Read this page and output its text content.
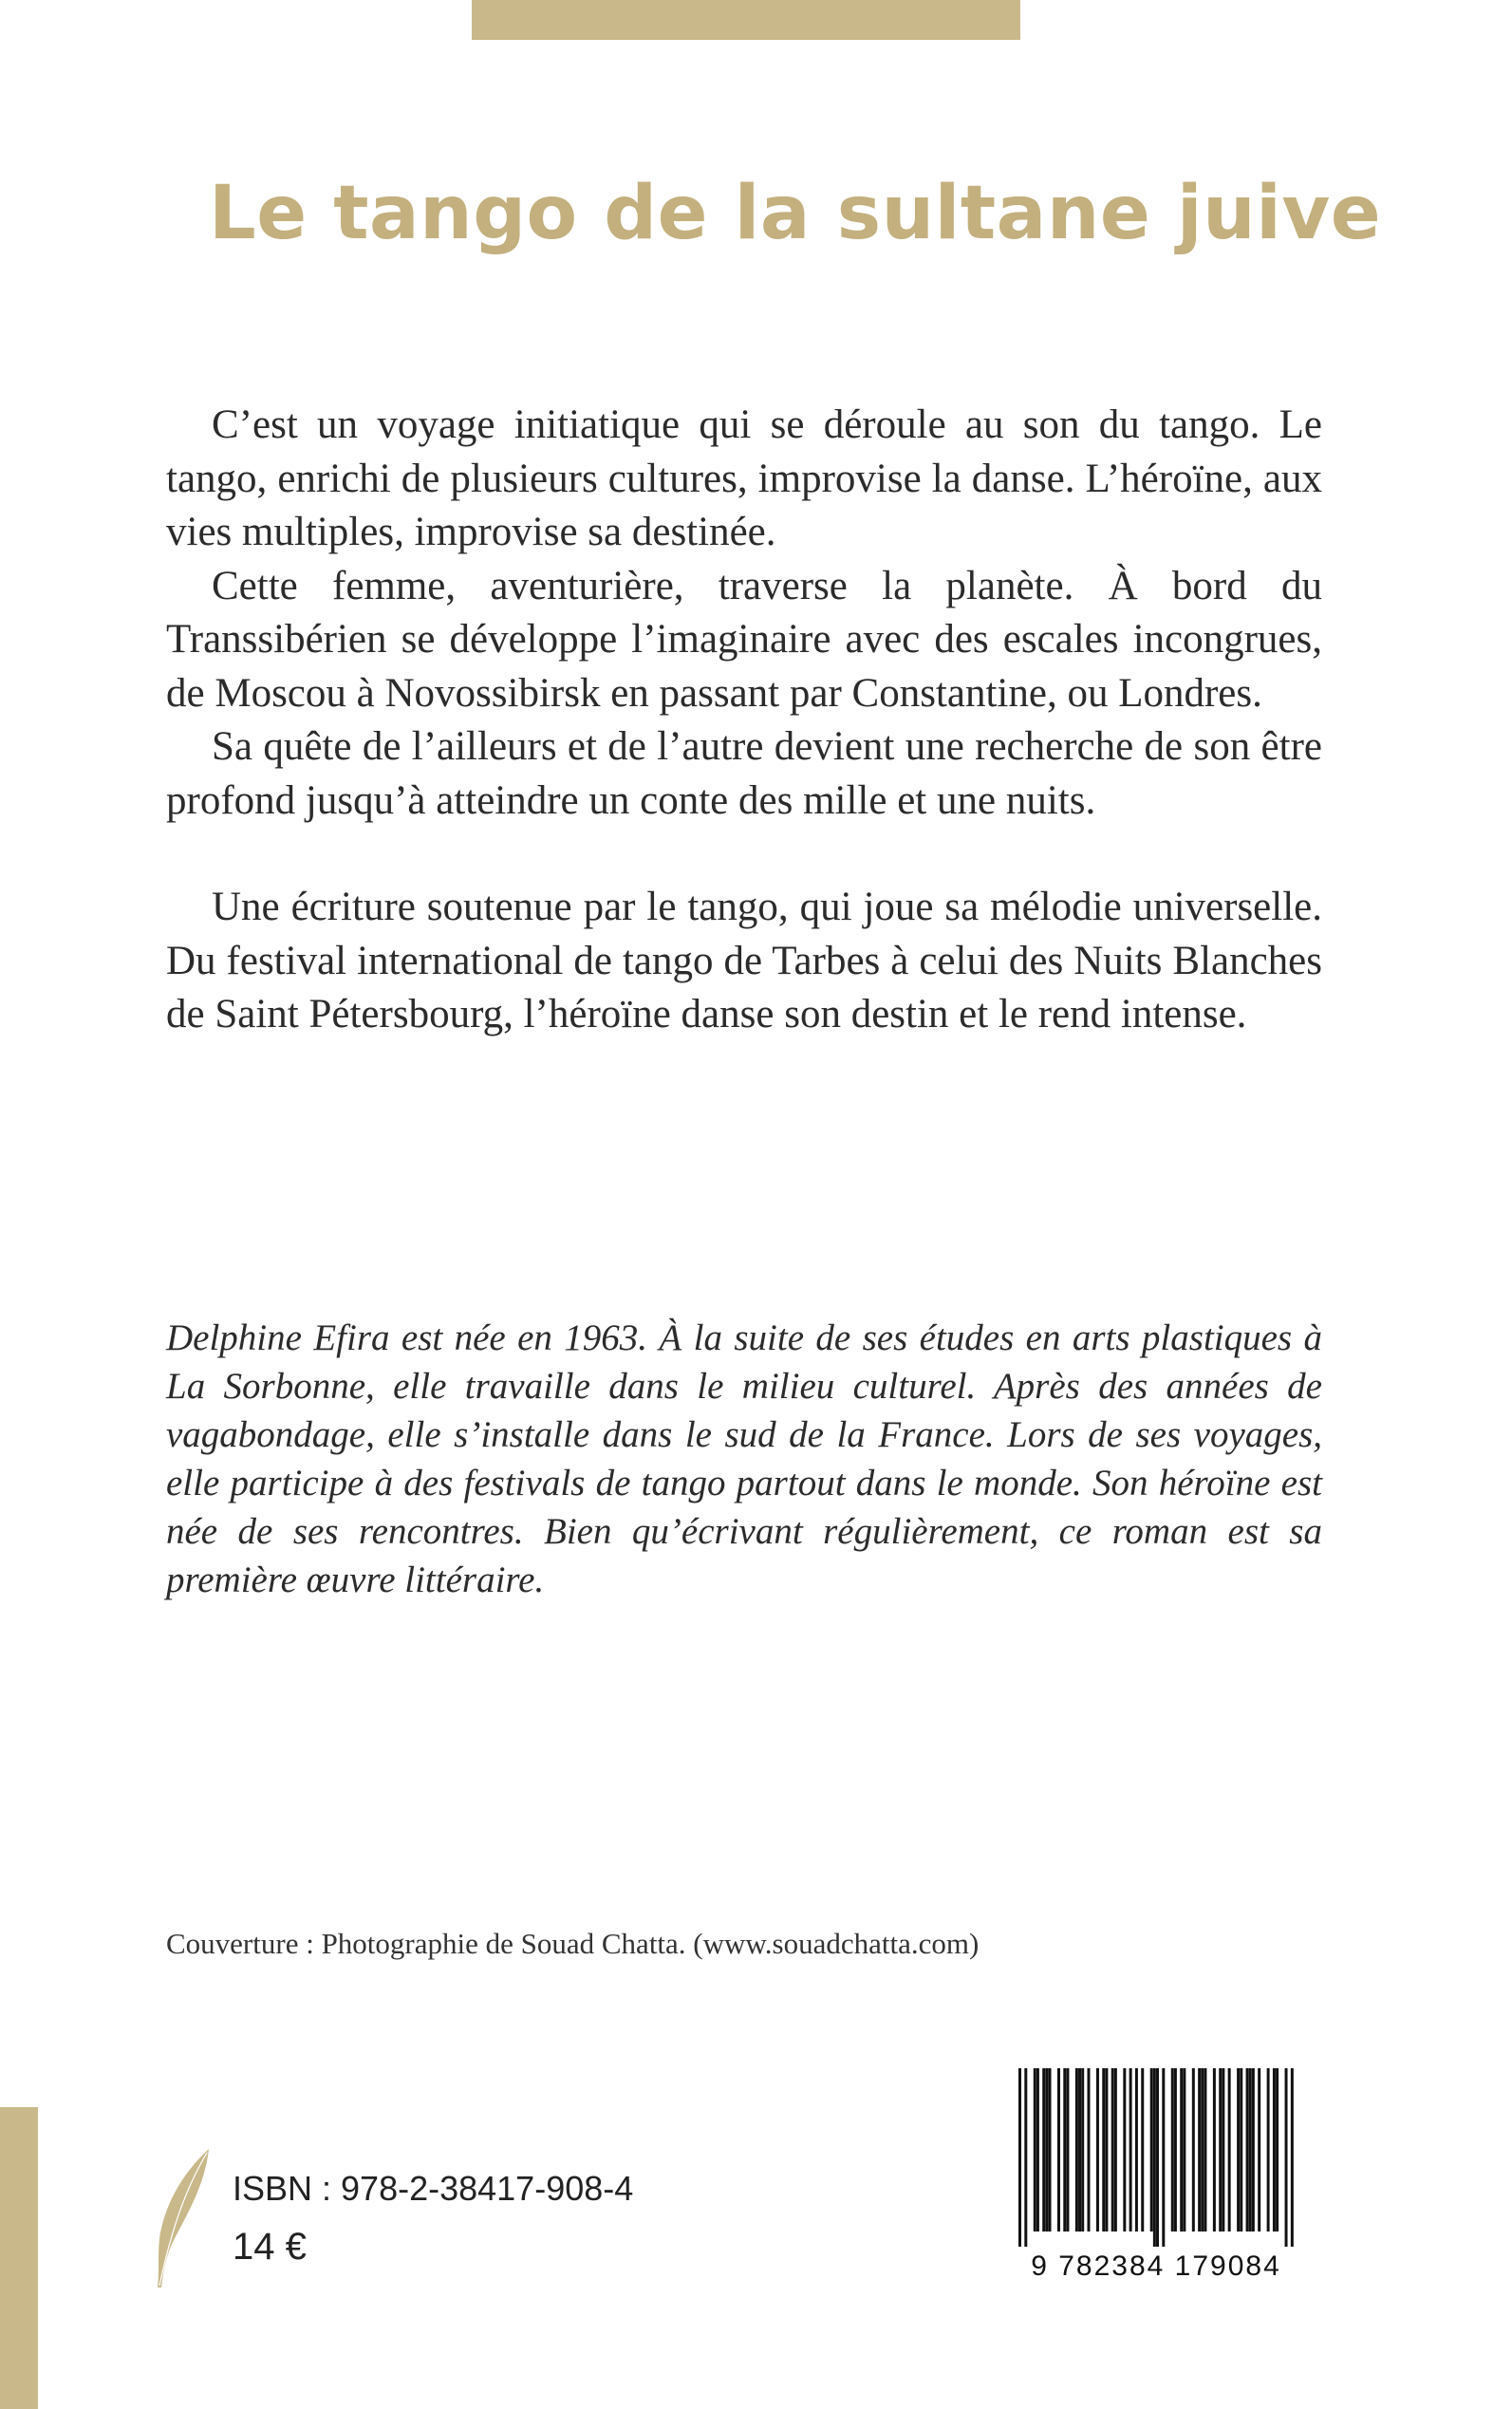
Le tango de la sultane juive

C’est un voyage initiatique qui se déroule au son du tango. Le tango, enrichi de plusieurs cultures, improvise la danse. L’héroïne, aux vies multiples, improvise sa destinée.

Cette femme, aventurière, traverse la planète. À bord du Transsibérien se développe l’imaginaire avec des escales incongrues, de Moscou à Novossibirsk en passant par Constantine, ou Londres.

Sa quête de l’ailleurs et de l’autre devient une recherche de son être profond jusqu’à atteindre un conte des mille et une nuits.

Une écriture soutenue par le tango, qui joue sa mélodie universelle. Du festival international de tango de Tarbes à celui des Nuits Blanches de Saint Pétersbourg, l’héroïne danse son destin et le rend intense.

Delphine Efira est née en 1963. À la suite de ses études en arts plastiques à La Sorbonne, elle travaille dans le milieu culturel. Après des années de vagabondage, elle s’installe dans le sud de la France. Lors de ses voyages, elle participe à des festivals de tango partout dans le monde. Son héroïne est née de ses rencontres. Bien qu’écrivant régulièrement, ce roman est sa première œuvre littéraire.

Couverture : Photographie de Souad Chatta. (www.souadchatta.com)

ISBN : 978-2-38417-908-4
14 €	9 782384 179084
